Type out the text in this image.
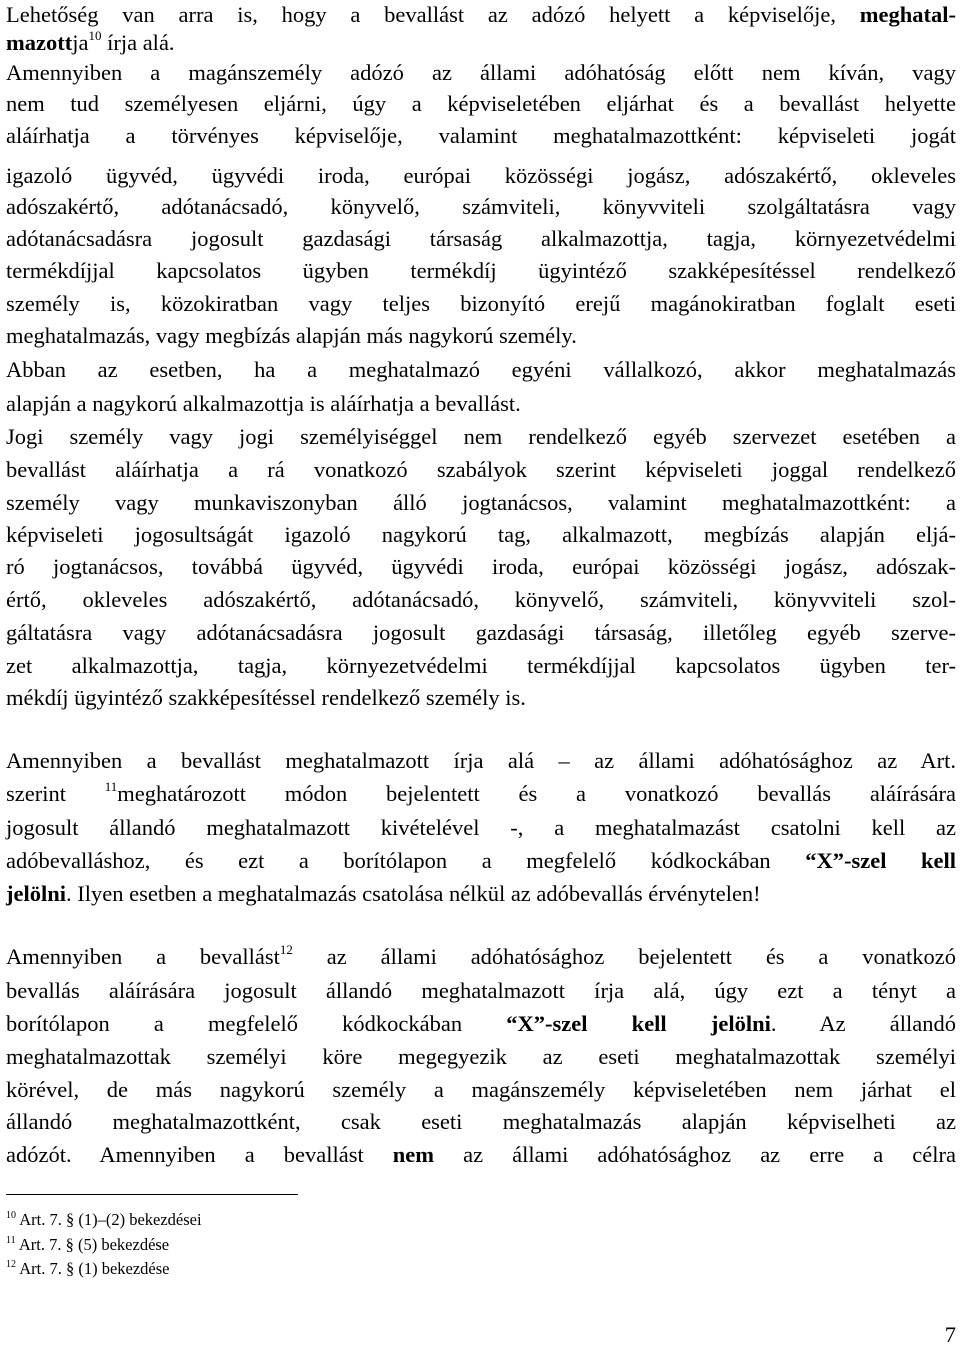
Lehetőség van arra is, hogy a bevallást az adózó helyett a képviselője, meghatal-
mazottja$^{10}$ írja alá.
Amennyiben a magánszemély adózó az állami adóhatóság előtt nem kíván, vagy
nem tud személyesen eljárni, úgy a képviseletében eljárhat és a bevallást helyette
aláírhatja a törvényes képviselője, valamint meghatalmazottként: képviseleti jogát
igazoló ügyvéd, ügyvédi iroda, európai közösségi jogász, adószakértő, okleveles
adószakértő, adótanácsadó, könyvelő, számviteli, könyvviteli szolgáltatásra vagy
adótanácsadásra jogosult gazdasági társaság alkalmazottja, tagja, környezetvédelmi
termékdíjjal kapcsolatos ügyben termékdíj ügyintéző szakképesítéssel rendelkező
személy is, közokiratban vagy teljes bizonyító erejű magánokiratban foglalt eseti
meghatalmazás, vagy megbízás alapján más nagykorú személy.
Abban az esetben, ha a meghatalmazó egyéni vállalkozó, akkor meghatalmazás
alapján a nagykorú alkalmazottja is aláírhatja a bevallást.
Jogi személy vagy jogi személyiséggel nem rendelkező egyéb szervezet esetében a
bevallást aláírhatja a rá vonatkozó szabályok szerint képviseleti joggal rendelkező
személy vagy munkaviszonyban álló jogtanácsos, valamint meghatalmazottként: a
képviseleti jogosultságát igazoló nagykorú tag, alkalmazott, megbízás alapján eljá-
ró jogtanácsos, továbbá ügyvéd, ügyvédi iroda, európai közösségi jogász, adószak-
értő, okleveles adószakértő, adótanácsadó, könyvelő, számviteli, könyvviteli szol-
gáltatásra vagy adótanácsadásra jogosult gazdasági társaság, illetőleg egyéb szerve-
zet alkalmazottja, tagja, környezetvédelmi termékdíjjal kapcsolatos ügyben ter-
mékdíj ügyintéző szakképesítéssel rendelkező személy is.
Amennyiben a bevallást meghatalmazott írja alá – az állami adóhatósághoz az Art.
szerint $^{11}$meghatározott módon bejelentett és a vonatkozó bevallás aláírására
jogosult állandó meghatalmazott kivételével -, a meghatalmazást csatolni kell az
adóbevalláshoz, és ezt a borítólapon a megfelelő kódkockában “X”-szel kell
jelölni. Ilyen esetben a meghatalmazás csatolása nélkül az adóbevallás érvénytelen!
Amennyiben a bevallást$^{12}$ az állami adóhatósághoz bejelentett és a vonatkozó
bevallás aláírására jogosult állandó meghatalmazott írja alá, úgy ezt a tényt a
borítólapon a megfelelő kódkockában “X”-szel kell jelölni. Az állandó
meghatalmazottak személyi köre megegyezik az eseti meghatalmazottak személyi
körével, de más nagykorú személy a magánszemély képviseletében nem járhat el
állandó meghatalmazottként, csak eseti meghatalmazás alapján képviselheti az
adózót. Amennyiben a bevallást nem az állami adóhatósághoz az erre a célra
$^{10}$ Art. 7. § (1)–(2) bekezdései
$^{11}$ Art. 7. § (5) bekezdése
$^{12}$ Art. 7. § (1) bekezdése
7
